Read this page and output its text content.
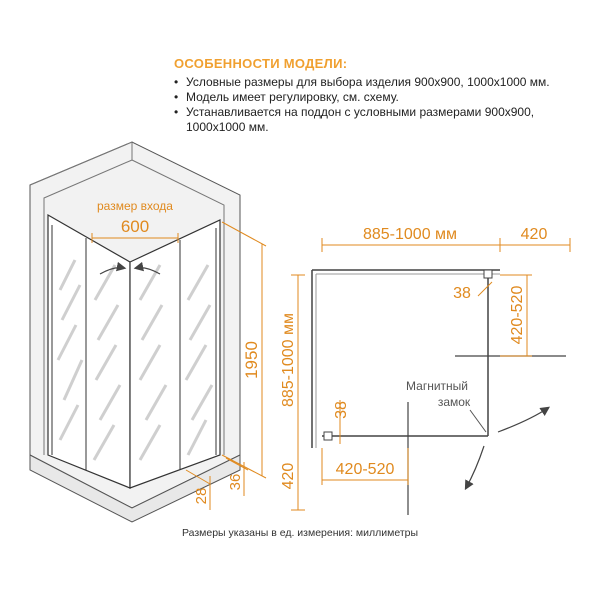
ОСОБЕННОСТИ МОДЕЛИ:
• Условные размеры для выбора изделия 900x900, 1000x1000 мм.
• Модель имеет регулировку, см. схему.
• Устанавливается на поддон с условными размерами 900x900, 1000x1000 мм.
размер входа
600
1950
36
28
885-1000 мм	420
38 420-520
885-1000 мм
420
38
420-520
Магнитный
замок
Размеры указаны в ед. измерения: миллиметры
